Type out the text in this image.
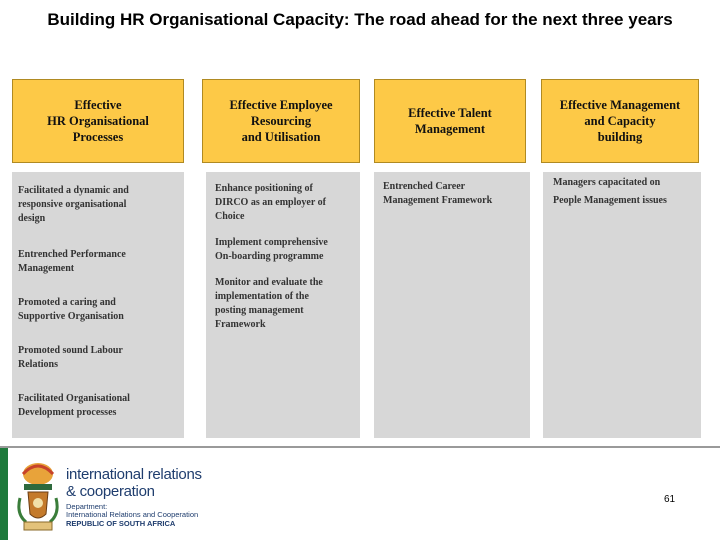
Building HR Organisational Capacity: The road ahead for the next three years
Effective
HR Organisational
Processes
Effective Employee
Resourcing
and Utilisation
Effective Talent
Management
Effective Management
and Capacity
building
Facilitated a dynamic and
responsive organisational
design
Entrenched Performance
Management
Promoted a caring and
Supportive Organisation
Promoted sound Labour
Relations
Facilitated Organisational
Development processes
Enhance positioning of
DIRCO as an employer of
Choice
Implement comprehensive
On-boarding programme
Monitor and evaluate the
implementation of the
posting management
Framework
Entrenched Career
Management Framework
Managers capacitated on
People Management issues
international relations
& cooperation
Department:
International Relations and Cooperation
REPUBLIC OF SOUTH AFRICA
61
